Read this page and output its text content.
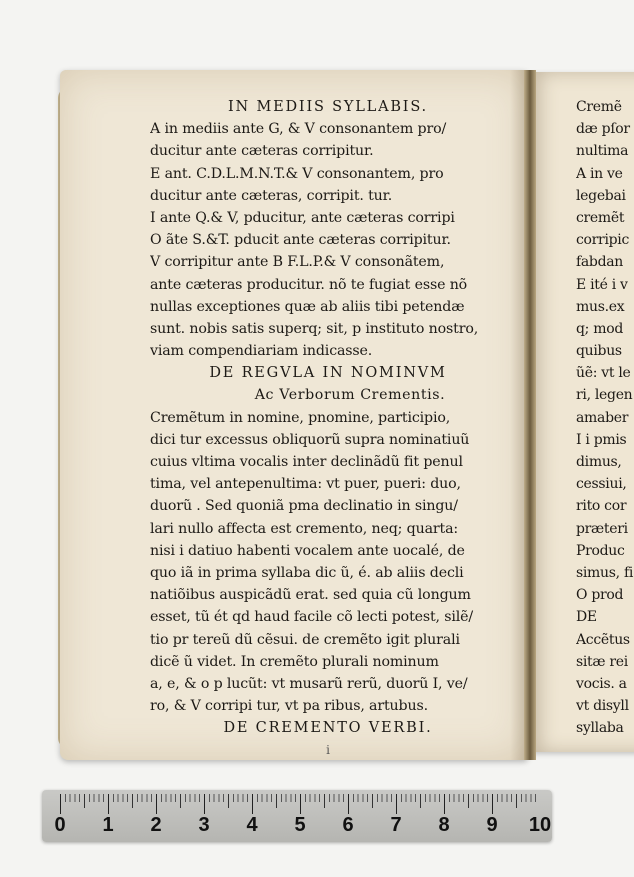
IN MEDIIS SYLLABIS.
A in mediis ante G, & V consonantem pro/
ducitur ante cæteras corripitur.
E ant. C.D.L.M.N.T.& V consonantem, pro
ducitur ante cæteras, corripit. tur.
I ante Q.& V, pducitur, ante cæteras corripi
O ãte S.&T. pducit ante cæteras corripitur.
V corripitur ante B F.L.P.& V consonãtem,
ante cæteras producitur. nõ te fugiat esse nõ
nullas exceptiones quæ ab aliis tibi petendæ
sunt. nobis satis superq; sit, p instituto nostro,
viam compendiariam indicasse.
DE REGVLA IN NOMINVM
Ac Verborum Crementis.
Cremẽtum in nomine, pnomine, participio,
dici tur excessus obliquorũ supra nominatiuũ
cuius vltima vocalis inter declinãdũ fit penul
tima, vel antepenultima: vt puer, pueri: duo,
duorũ . Sed quoniã pma declinatio in singu/
lari nullo affecta est cremento, neq; quarta:
nisi i datiuo habenti vocalem ante uocalé, de
quo iã in prima syllaba dic ũ, é. ab aliis decli
natiõibus auspicãdũ erat. sed quia cũ longum
esset, tũ ét qd haud facile cõ lecti potest, silẽ/
tio pr tereũ dũ cẽsui. de cremẽto igit plurali
dicẽ ũ videt. In cremẽto plurali nominum
a, e, & o p lucũt: vt musarũ rerũ, duorũ I, ve/
ro, & V corripi tur, vt pa ribus, artubus.
DE CREMENTO VERBI.
i
Cremẽ
dæ pſor
nultima
A in ve
legebai
cremẽt
corripic
fabdan
E ité i v
mus.ex
q; mod
quibus
ũẽ: vt le
ri, legen
amaber
I i pmis
dimus,
cessiui,
rito cor
præteri
Produc
simus, fi
O prod
DE
Accẽtus
sitæ rei
vocis. a
vt disyll
syllaba
0	1	2	3	4	5	6	7	8	9	10
